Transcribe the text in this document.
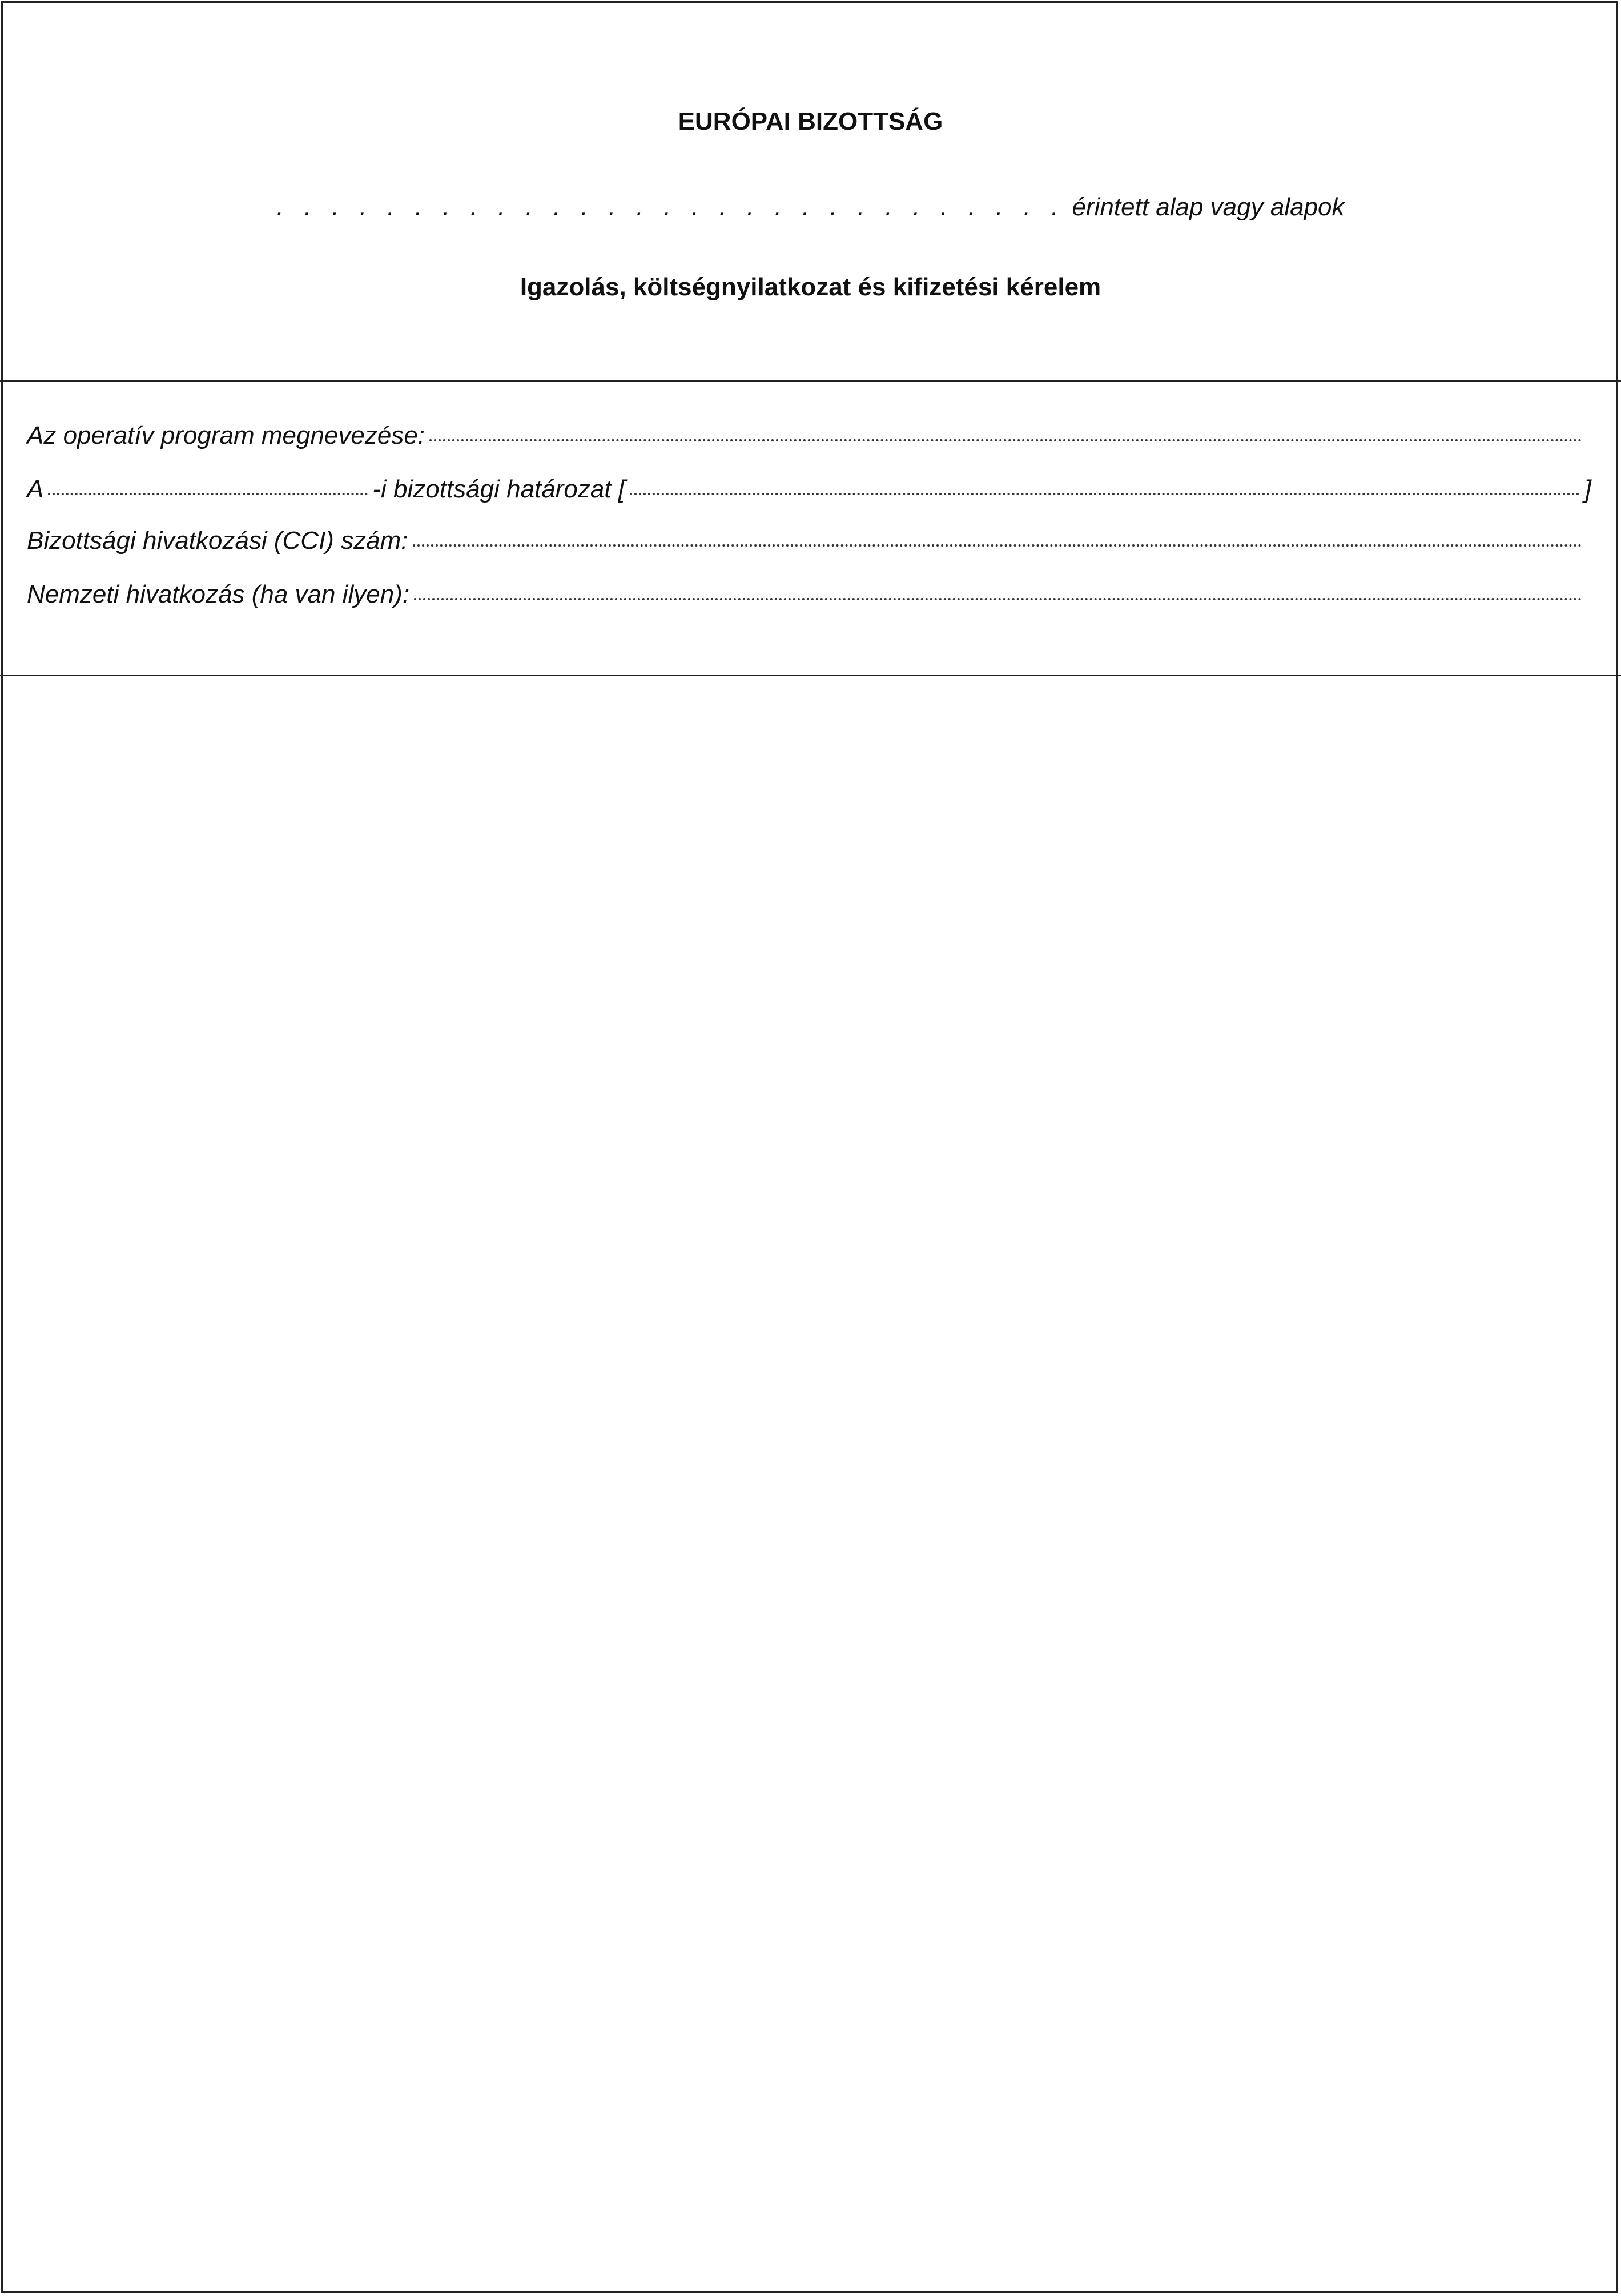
EURÓPAI BIZOTTSÁG
. . . . . . . . . . . . . . . . . . . . . . . . . . . . . érintett alap vagy alapok
Igazolás, költségnyilatkozat és kifizetési kérelem
Az operatív program megnevezése:
A	-i bizottsági határozat [	]
Bizottsági hivatkozási (CCI) szám:
Nemzeti hivatkozás (ha van ilyen):
